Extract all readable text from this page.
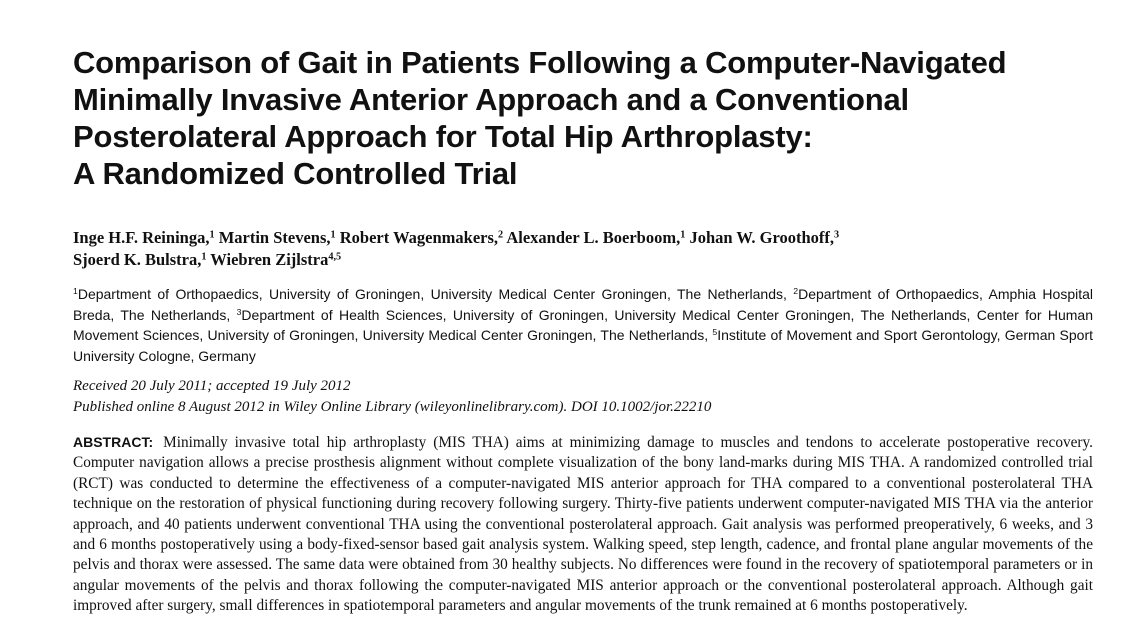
Comparison of Gait in Patients Following a Computer-Navigated
Minimally Invasive Anterior Approach and a Conventional
Posterolateral Approach for Total Hip Arthroplasty:
A Randomized Controlled Trial
Inge H.F. Reininga,$^1$ Martin Stevens,$^1$ Robert Wagenmakers,$^2$ Alexander L. Boerboom,$^1$ Johan W. Groothoff,$^3$
Sjoerd K. Bulstra,$^1$ Wiebren Zijlstra$^{4,5}$
$^1$Department of Orthopaedics, University of Groningen, University Medical Center Groningen, The Netherlands, $^2$Department of Orthopaedics, Amphia Hospital Breda, The Netherlands, $^3$Department of Health Sciences, University of Groningen, University Medical Center Groningen, The Netherlands, Center for Human Movement Sciences, University of Groningen, University Medical Center Groningen, The Netherlands, $^5$Institute of Movement and Sport Gerontology, German Sport University Cologne, Germany
Received 20 July 2011; accepted 19 July 2012
Published online 8 August 2012 in Wiley Online Library (wileyonlinelibrary.com). DOI 10.1002/jor.22210
ABSTRACT: Minimally invasive total hip arthroplasty (MIS THA) aims at minimizing damage to muscles and tendons to accelerate postoperative recovery. Computer navigation allows a precise prosthesis alignment without complete visualization of the bony land-marks during MIS THA. A randomized controlled trial (RCT) was conducted to determine the effectiveness of a computer-navigated MIS anterior approach for THA compared to a conventional posterolateral THA technique on the restoration of physical functioning during recovery following surgery. Thirty-five patients underwent computer-navigated MIS THA via the anterior approach, and 40 patients underwent conventional THA using the conventional posterolateral approach. Gait analysis was performed preoperatively, 6 weeks, and 3 and 6 months postoperatively using a body-fixed-sensor based gait analysis system. Walking speed, step length, cadence, and frontal plane angular movements of the pelvis and thorax were assessed. The same data were obtained from 30 healthy subjects. No differences were found in the recovery of spatiotemporal parameters or in angular movements of the pelvis and thorax following the computer-navigated MIS anterior approach or the conventional posterolateral approach. Although gait improved after surgery, small differences in spatiotemporal parameters and angular movements of the trunk remained at 6 months postoperatively.
